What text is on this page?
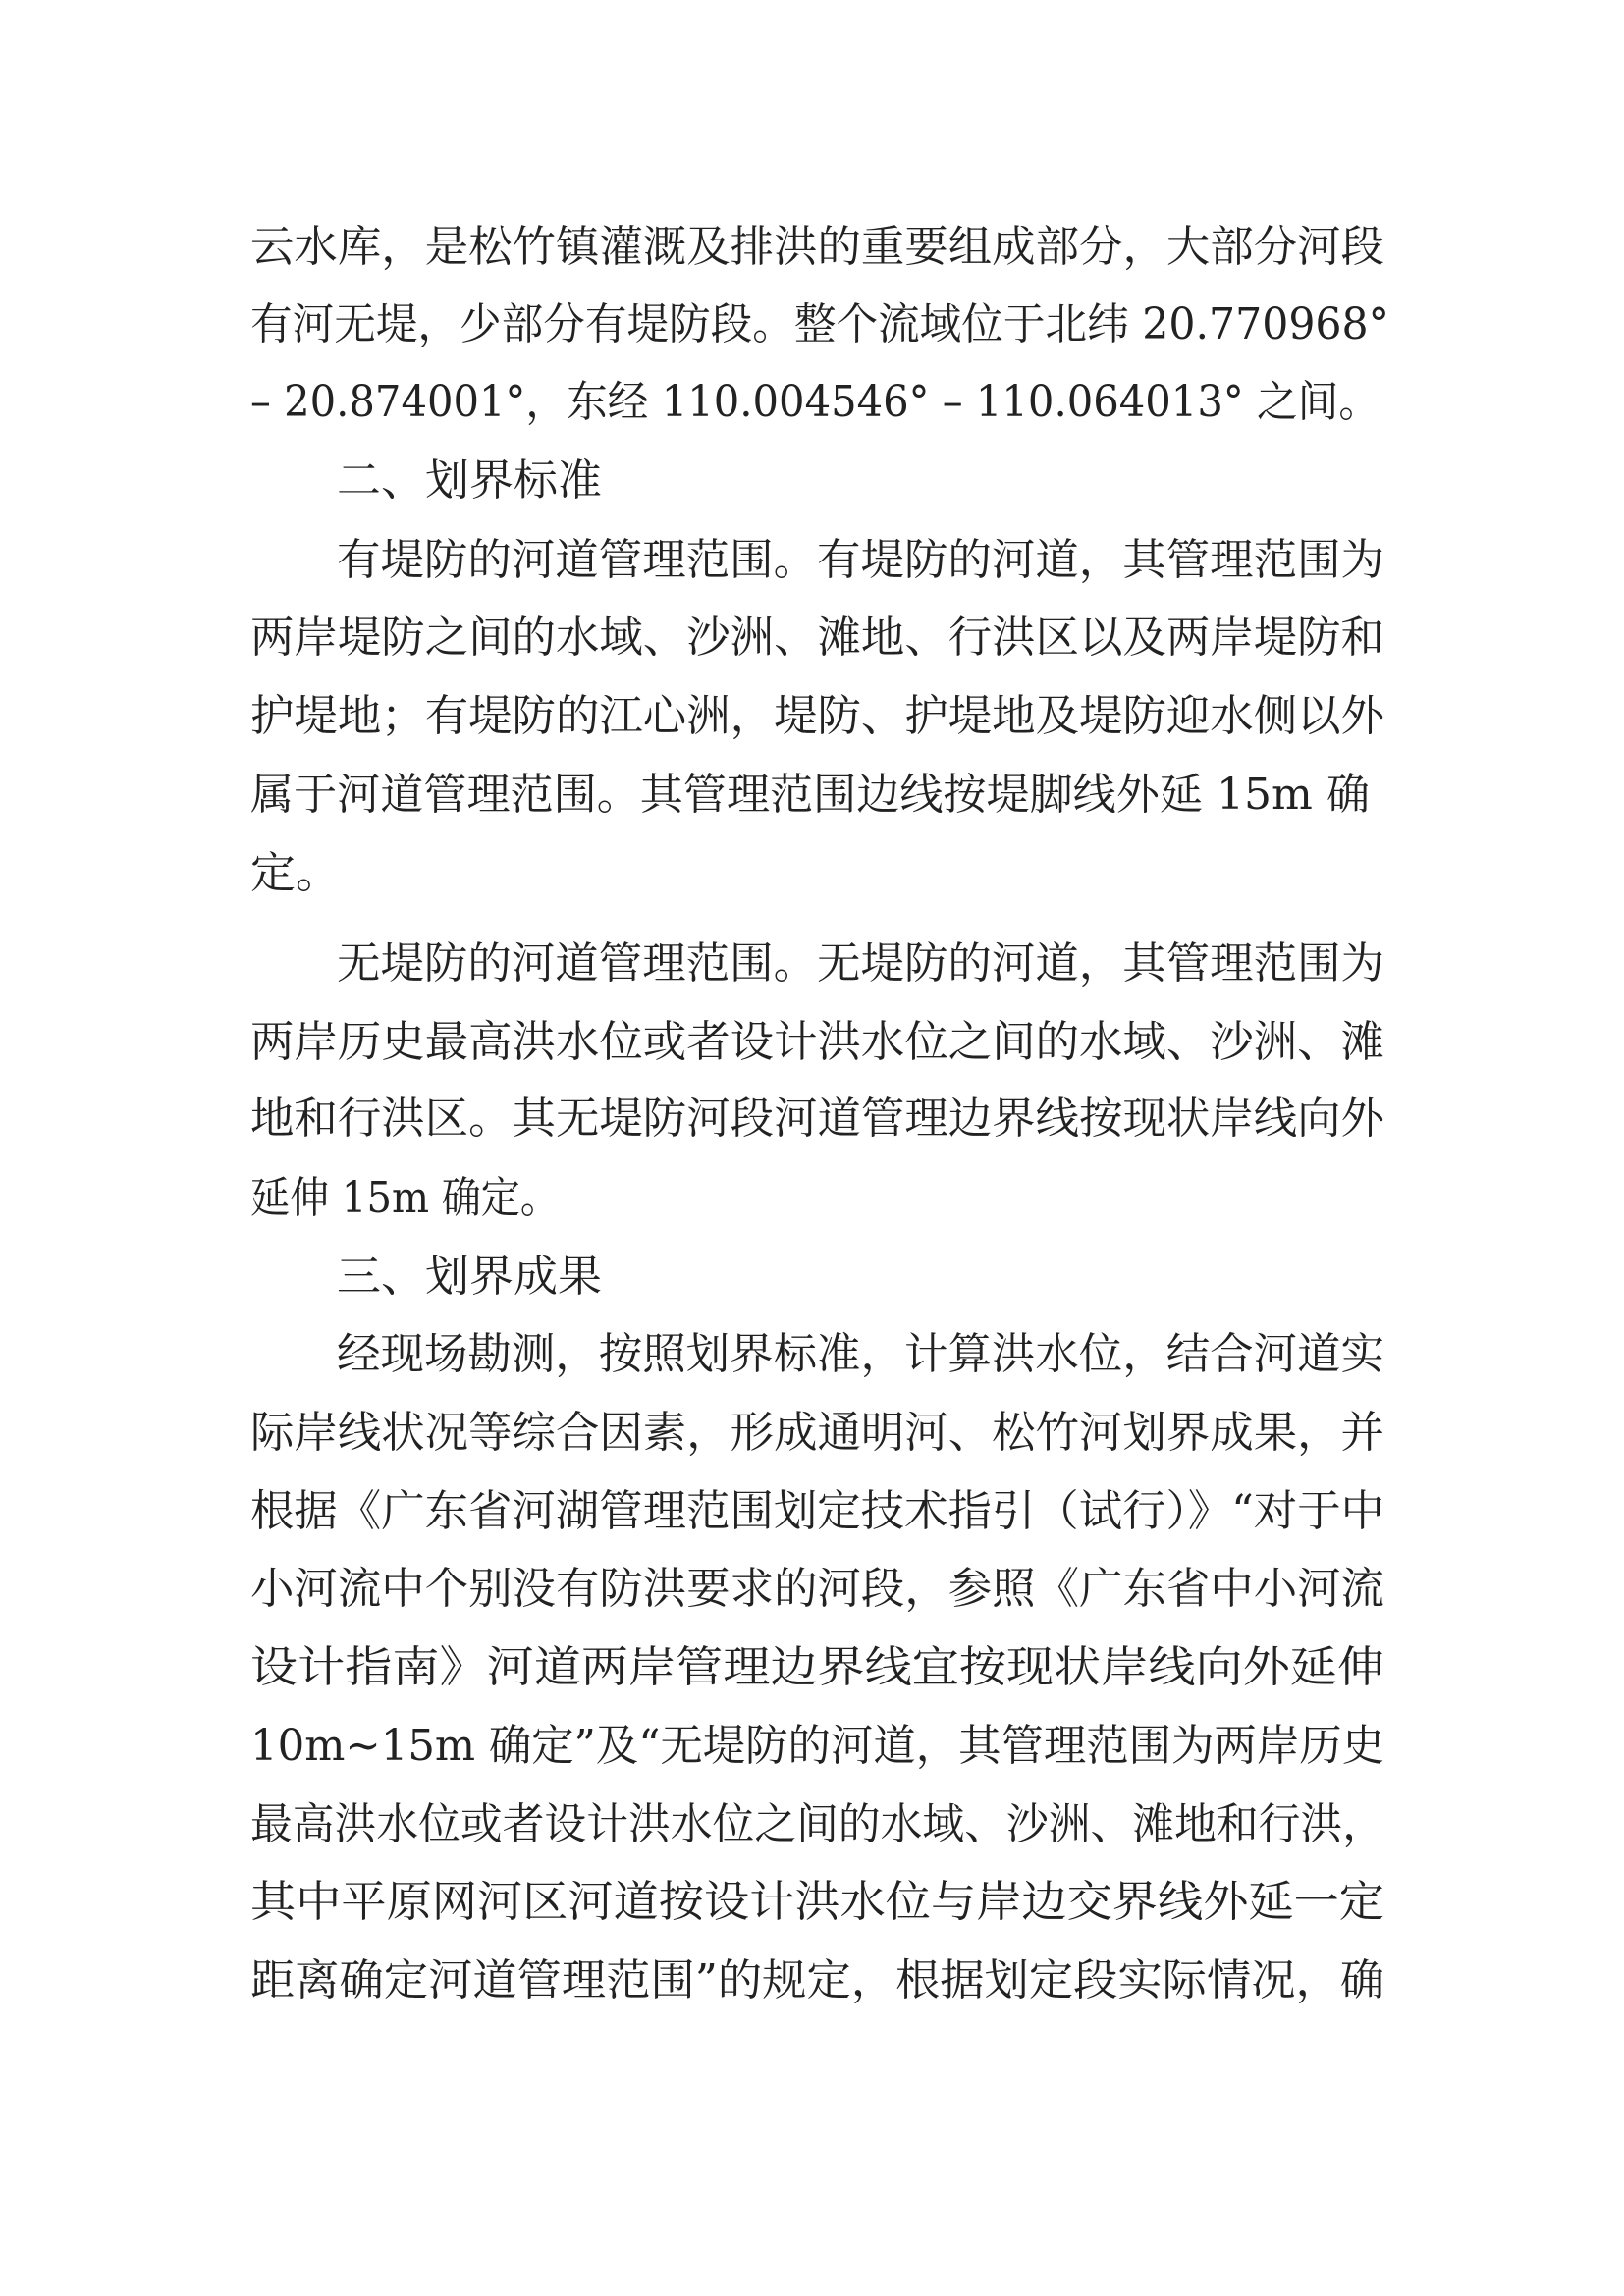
云水库，是松竹镇灌溉及排洪的重要组成部分，大部分河段
有河无堤，少部分有堤防段。整个流域位于北纬 20.770968°
– 20.874001°，东经 110.004546° – 110.064013° 之间。
二、划界标准
有堤防的河道管理范围。有堤防的河道，其管理范围为
两岸堤防之间的水域、沙洲、滩地、行洪区以及两岸堤防和
护堤地；有堤防的江心洲，堤防、护堤地及堤防迎水侧以外
属于河道管理范围。其管理范围边线按堤脚线外延 15m 确
定。
无堤防的河道管理范围。无堤防的河道，其管理范围为
两岸历史最高洪水位或者设计洪水位之间的水域、沙洲、滩
地和行洪区。其无堤防河段河道管理边界线按现状岸线向外
延伸 15m 确定。
三、划界成果
经现场勘测，按照划界标准，计算洪水位，结合河道实
际岸线状况等综合因素，形成通明河、松竹河划界成果，并
根据《广东省河湖管理范围划定技术指引（试行）》“对于中
小河流中个别没有防洪要求的河段，参照《广东省中小河流
设计指南》河道两岸管理边界线宜按现状岸线向外延伸
10m~15m 确定”及“无堤防的河道，其管理范围为两岸历史
最高洪水位或者设计洪水位之间的水域、沙洲、滩地和行洪，
其中平原网河区河道按设计洪水位与岸边交界线外延一定
距离确定河道管理范围”的规定，根据划定段实际情况，确
